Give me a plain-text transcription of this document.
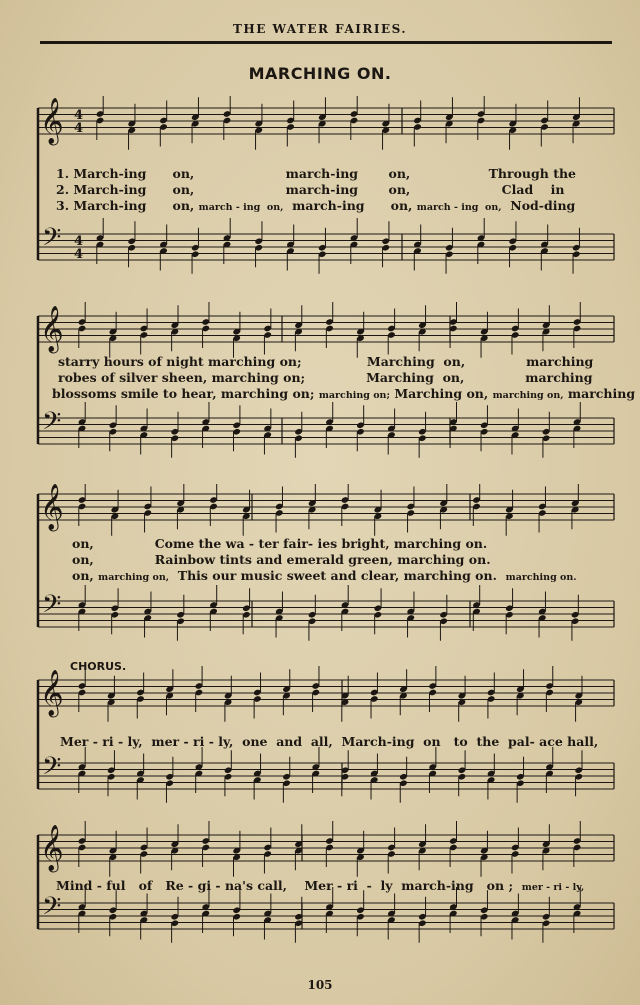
THE WATER FAIRIES.
MARCHING ON.
𝄞
𝄢
4
4
4
4
1. March-ing      on,                     march-ing       on,                  Through the
2. March-ing      on,                     march-ing       on,                     Clad    in
3. March-ing      on, march - ing  on,  march-ing      on, march - ing  on,  Nod-ding
𝄞
𝄢
starry hours of night marching on;               Marching  on,              marching
robes of silver sheen, marching on;              Marching  on,              marching
blossoms smile to hear, marching on; marching on; Marching on, marching on, marching
𝄞
𝄢
on,              Come the wa - ter fair- ies bright, marching on.
on,              Rainbow tints and emerald green, marching on.
on, marching on,  This our music sweet and clear, marching on.  marching on.
CHORUS.
𝄞
𝄢
Mer - ri - ly,  mer - ri - ly,  one  and  all,  March-ing  on   to  the  pal- ace hall,
𝄞
𝄢
Mind - ful   of   Re - gi - na's call,    Mer - ri  -  ly  march-ing   on ;  mer - ri - ly,
105
